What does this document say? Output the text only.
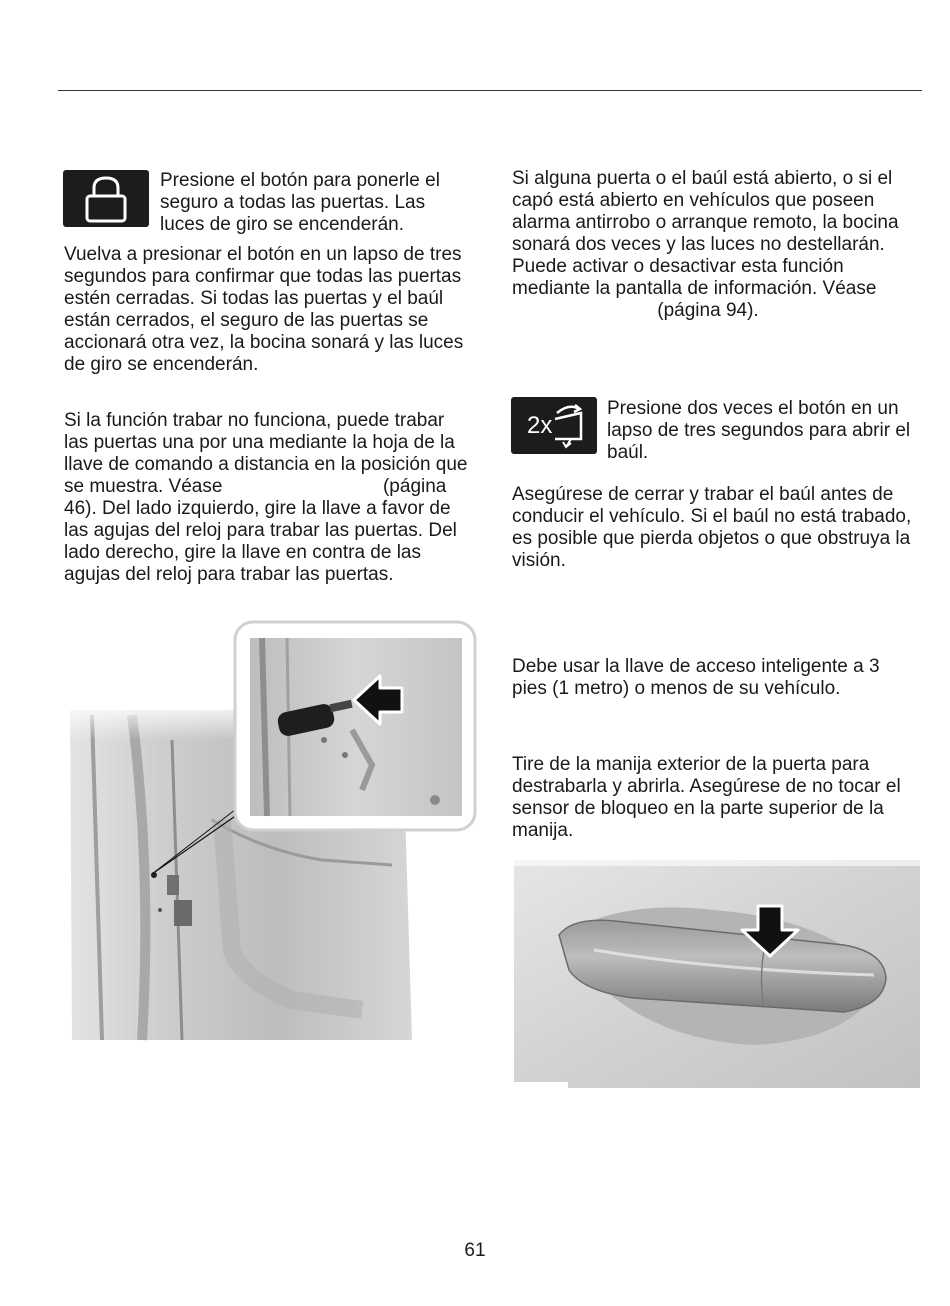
Presione el botón para ponerle el seguro a todas las puertas. Las luces de giro se encenderán.

Vuelva a presionar el botón en un lapso de tres segundos para confirmar que todas las puertas estén cerradas. Si todas las puertas y el baúl están cerrados, el seguro de las puertas se accionará otra vez, la bocina sonará y las luces de giro se encenderán.

Si la función trabar no funciona, puede trabar las puertas una por una mediante la hoja de la llave de comando a distancia en la posición que se muestra. Véase	(página 46). Del lado izquierdo, gire la llave a favor de las agujas del reloj para trabar las puertas. Del lado derecho, gire la llave en contra de las agujas del reloj para trabar las puertas.
Si alguna puerta o el baúl está abierto, o si el capó está abierto en vehículos que poseen alarma antirrobo o arranque remoto, la bocina sonará dos veces y las luces no destellarán. Puede activar o desactivar esta función mediante la pantalla de información. Véase
(página 94).
2x

Presione dos veces el botón en un lapso de tres segundos para abrir el baúl.

Asegúrese de cerrar y trabar el baúl antes de conducir el vehículo. Si el baúl no está trabado, es posible que pierda objetos o que obstruya la visión.

Debe usar la llave de acceso inteligente a 3 pies (1 metro) o menos de su vehículo.

Tire de la manija exterior de la puerta para destrabarla y abrirla. Asegúrese de no tocar el sensor de bloqueo en la parte superior de la manija.

61
